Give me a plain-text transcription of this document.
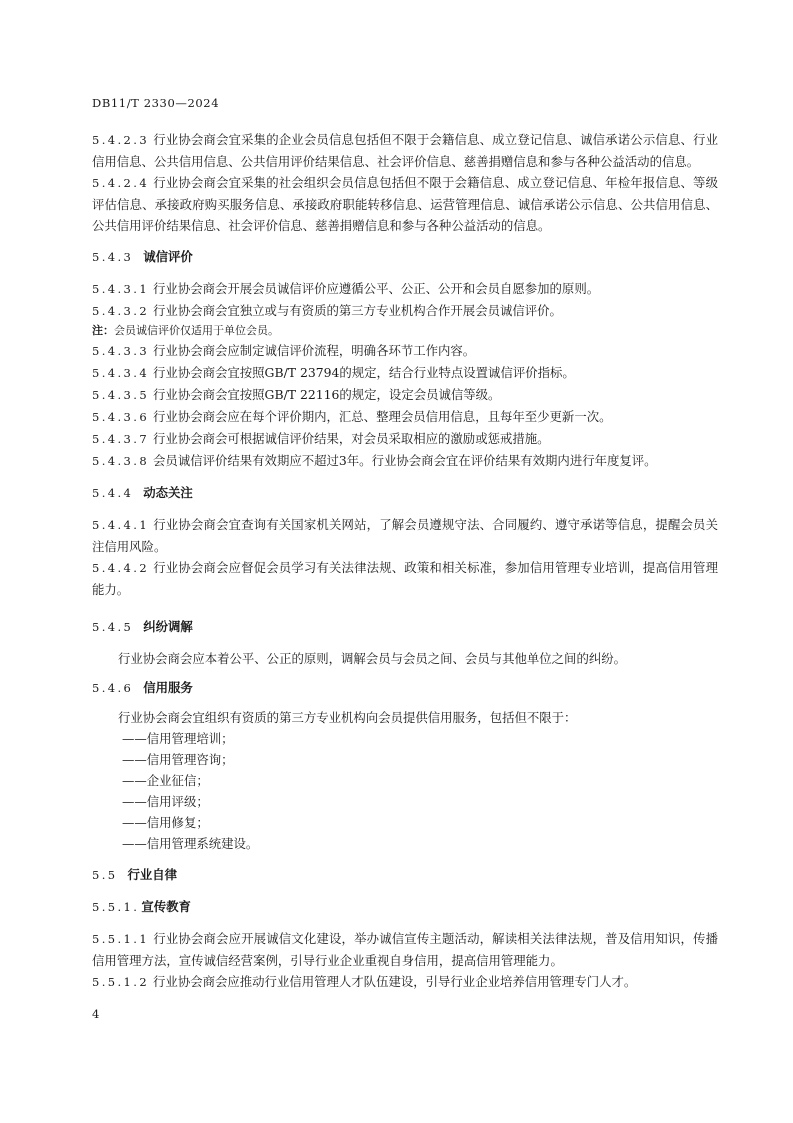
DB11/T 2330—2024

5.4.2.3 行业协会商会宜采集的企业会员信息包括但不限于会籍信息、成立登记信息、诚信承诺公示信息、行业信用信息、公共信用信息、公共信用评价结果信息、社会评价信息、慈善捐赠信息和参与各种公益活动的信息。

5.4.2.4 行业协会商会宜采集的社会组织会员信息包括但不限于会籍信息、成立登记信息、年检年报信息、等级评估信息、承接政府购买服务信息、承接政府职能转移信息、运营管理信息、诚信承诺公示信息、公共信用信息、公共信用评价结果信息、社会评价信息、慈善捐赠信息和参与各种公益活动的信息。

5.4.3 诚信评价

5.4.3.1 行业协会商会开展会员诚信评价应遵循公平、公正、公开和会员自愿参加的原则。

5.4.3.2 行业协会商会宜独立或与有资质的第三方专业机构合作开展会员诚信评价。

注：会员诚信评价仅适用于单位会员。

5.4.3.3 行业协会商会应制定诚信评价流程，明确各环节工作内容。

5.4.3.4 行业协会商会宜按照GB/T 23794的规定，结合行业特点设置诚信评价指标。

5.4.3.5 行业协会商会宜按照GB/T 22116的规定，设定会员诚信等级。

5.4.3.6 行业协会商会应在每个评价期内，汇总、整理会员信用信息，且每年至少更新一次。

5.4.3.7 行业协会商会可根据诚信评价结果，对会员采取相应的激励或惩戒措施。

5.4.3.8 会员诚信评价结果有效期应不超过3年。行业协会商会宜在评价结果有效期内进行年度复评。

5.4.4 动态关注

5.4.4.1 行业协会商会宜查询有关国家机关网站，了解会员遵规守法、合同履约、遵守承诺等信息，提醒会员关注信用风险。

5.4.4.2 行业协会商会应督促会员学习有关法律法规、政策和相关标准，参加信用管理专业培训，提高信用管理能力。

5.4.5 纠纷调解

行业协会商会应本着公平、公正的原则，调解会员与会员之间、会员与其他单位之间的纠纷。

5.4.6 信用服务

行业协会商会宜组织有资质的第三方专业机构向会员提供信用服务，包括但不限于：

——信用管理培训；

——信用管理咨询；

——企业征信；

——信用评级；

——信用修复；

——信用管理系统建设。

5.5 行业自律

5.5.1. 宣传教育

5.5.1.1 行业协会商会应开展诚信文化建设，举办诚信宣传主题活动，解读相关法律法规，普及信用知识，传播信用管理方法，宣传诚信经营案例，引导行业企业重视自身信用，提高信用管理能力。

5.5.1.2 行业协会商会应推动行业信用管理人才队伍建设，引导行业企业培养信用管理专门人才。

4
